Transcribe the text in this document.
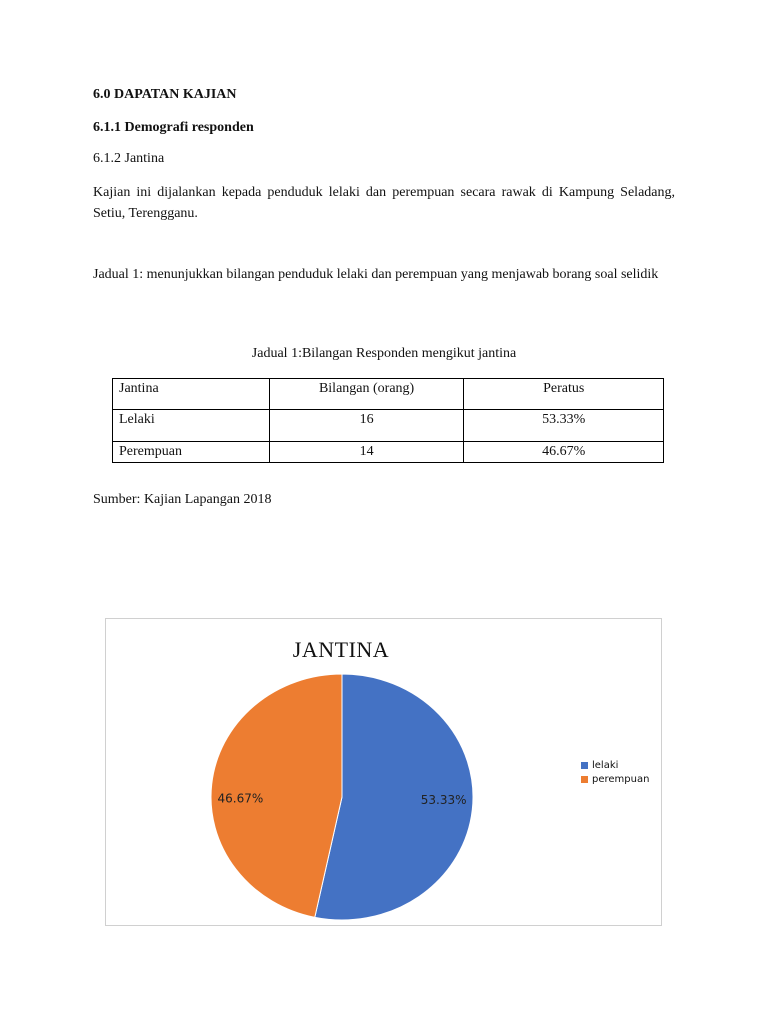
6.0 DAPATAN KAJIAN
6.1.1 Demografi responden
6.1.2 Jantina
Kajian ini dijalankan kepada penduduk lelaki dan perempuan secara rawak di Kampung Seladang, Setiu, Terengganu.
Jadual 1: menunjukkan bilangan penduduk lelaki dan perempuan yang menjawab borang soal selidik
Jadual 1:Bilangan Responden mengikut jantina
Jantina	Bilangan (orang)	Peratus
Lelaki	16	53.33%
Perempuan	14	46.67%
Sumber: Kajian Lapangan 2018
JANTINA
53.33%
46.67%
lelaki
perempuan
